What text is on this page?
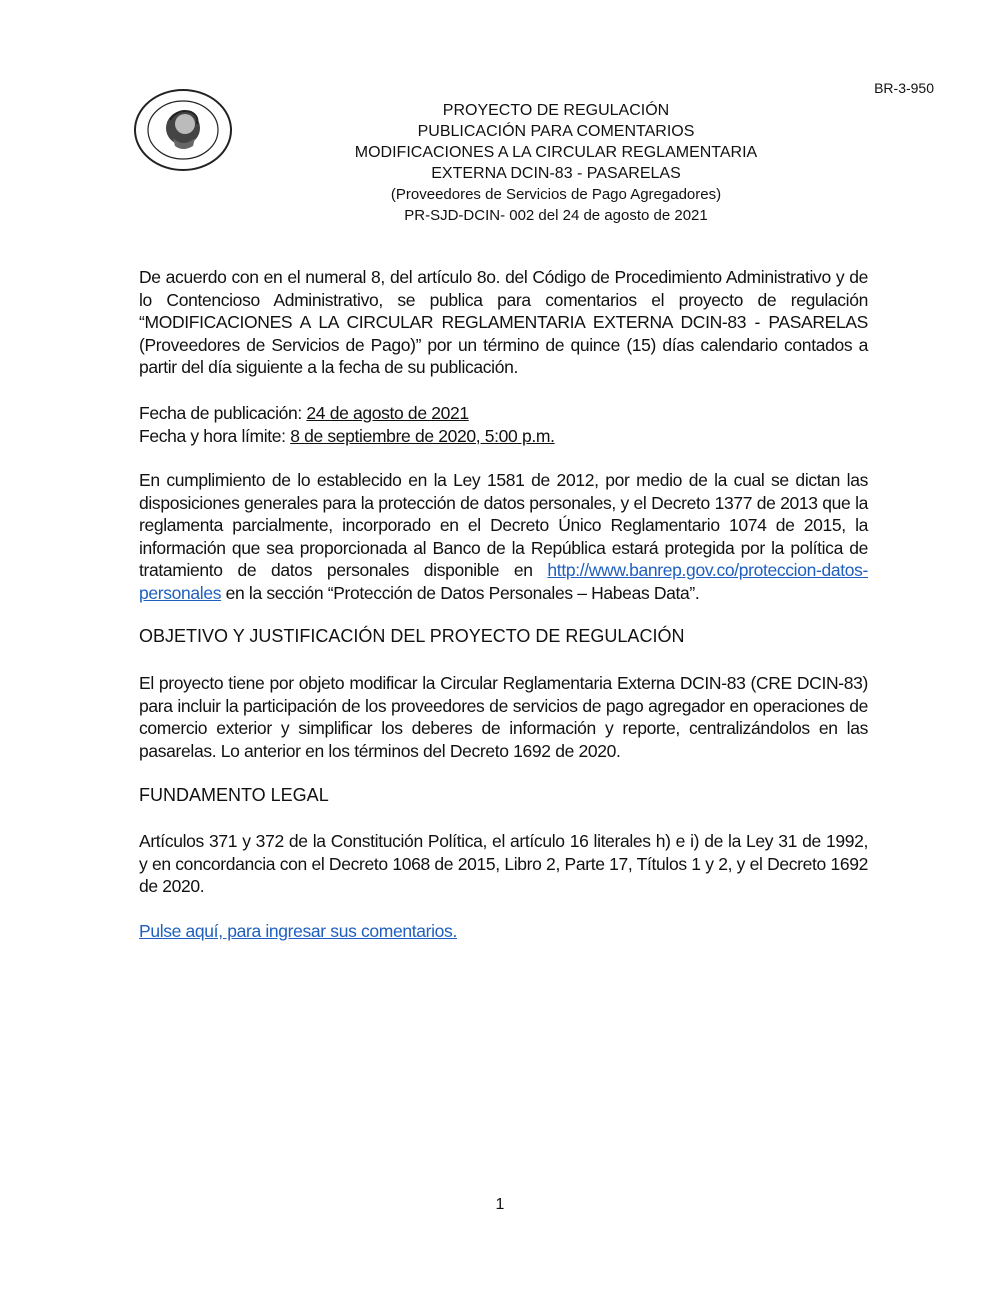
BR-3-950
PROYECTO DE REGULACIÓN
PUBLICACIÓN PARA COMENTARIOS
MODIFICACIONES A LA CIRCULAR REGLAMENTARIA
EXTERNA DCIN-83 - PASARELAS
(Proveedores de Servicios de Pago Agregadores)
PR-SJD-DCIN- 002 del 24 de agosto de 2021
De acuerdo con en el numeral 8, del artículo 8o. del Código de Procedimiento Administrativo y de lo Contencioso Administrativo, se publica para comentarios el proyecto de regulación “MODIFICACIONES A LA CIRCULAR REGLAMENTARIA EXTERNA DCIN-83 - PASARELAS (Proveedores de Servicios de Pago)” por un término de quince (15) días calendario contados a partir del día siguiente a la fecha de su publicación.
Fecha de publicación: 24 de agosto de 2021
Fecha y hora límite: 8 de septiembre de 2020, 5:00 p.m.
En cumplimiento de lo establecido en la Ley 1581 de 2012, por medio de la cual se dictan las disposiciones generales para la protección de datos personales, y el Decreto 1377 de 2013 que la reglamenta parcialmente, incorporado en el Decreto Único Reglamentario 1074 de 2015, la información que sea proporcionada al Banco de la República estará protegida por la política de tratamiento de datos personales disponible en http://www.banrep.gov.co/proteccion-datos-personales en la sección “Protección de Datos Personales – Habeas Data”.
OBJETIVO Y JUSTIFICACIÓN DEL PROYECTO DE REGULACIÓN
El proyecto tiene por objeto modificar la Circular Reglamentaria Externa DCIN-83 (CRE DCIN-83) para incluir la participación de los proveedores de servicios de pago agregador en operaciones de comercio exterior y simplificar los deberes de información y reporte, centralizándolos en las pasarelas. Lo anterior en los términos del Decreto 1692 de 2020.
FUNDAMENTO LEGAL
Artículos 371 y 372 de la Constitución Política, el artículo 16 literales h) e i) de la Ley 31 de 1992, y en concordancia con el Decreto 1068 de 2015, Libro 2, Parte 17, Títulos 1 y 2, y el Decreto 1692 de 2020.
Pulse aquí, para ingresar sus comentarios.
1
